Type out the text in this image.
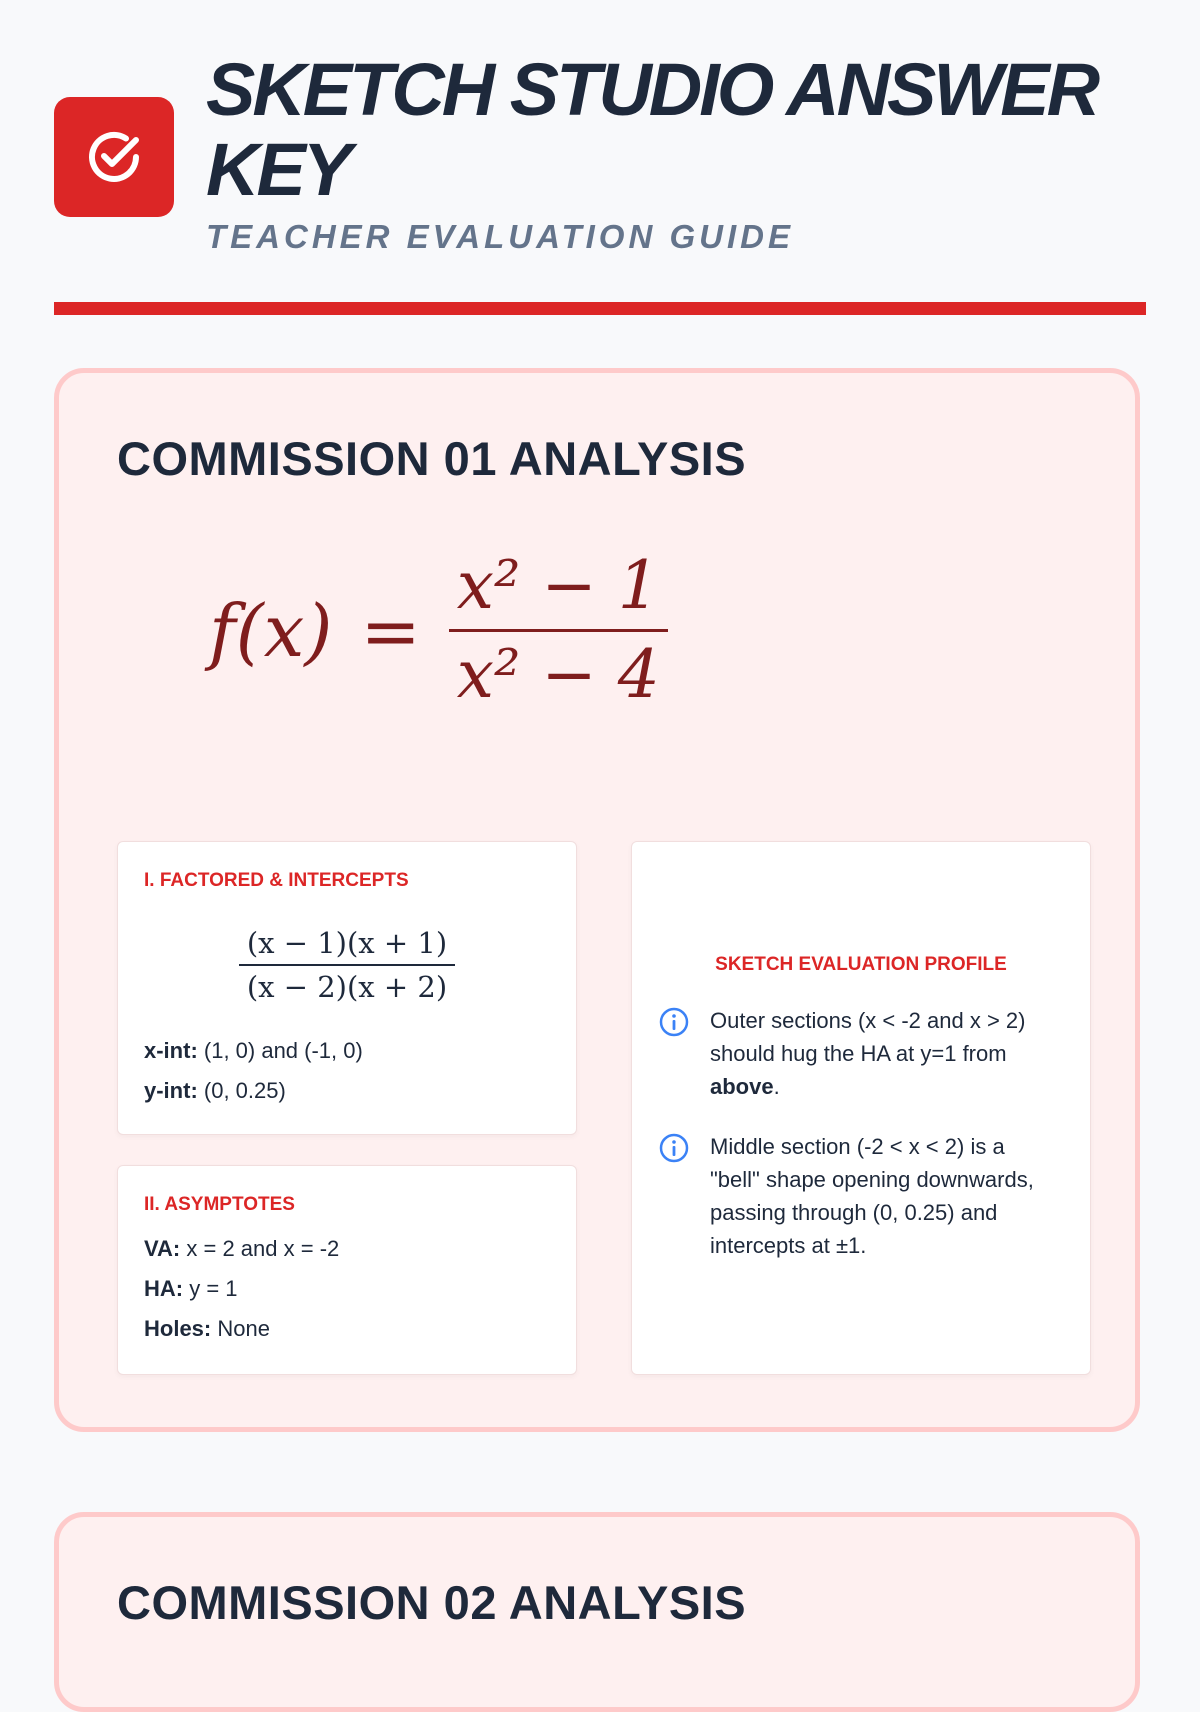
SKETCH STUDIO ANSWER KEY
TEACHER EVALUATION GUIDE
COMMISSION 01 ANALYSIS
$f(x) = \frac{\text{x² − 1}}{\text{x² − 4}}$

I. FACTORED & INTERCEPTS

$\frac{(x - 1)(x + 1)}{(x - 2)(x + 2)}$

x-int: (1, 0) and (-1, 0)

y-int: (0, 0.25)

II. ASYMPTOTES

VA: x = 2 and x = -2

HA: y = 1

Holes: None

SKETCH EVALUATION PROFILE

Outer sections (x < -2 and x > 2) should hug the HA at y=1 from above.

Middle section (-2 < x < 2) is a "bell" shape opening downwards, passing through (0, 0.25) and intercepts at ±1.

COMMISSION 02 ANALYSIS
